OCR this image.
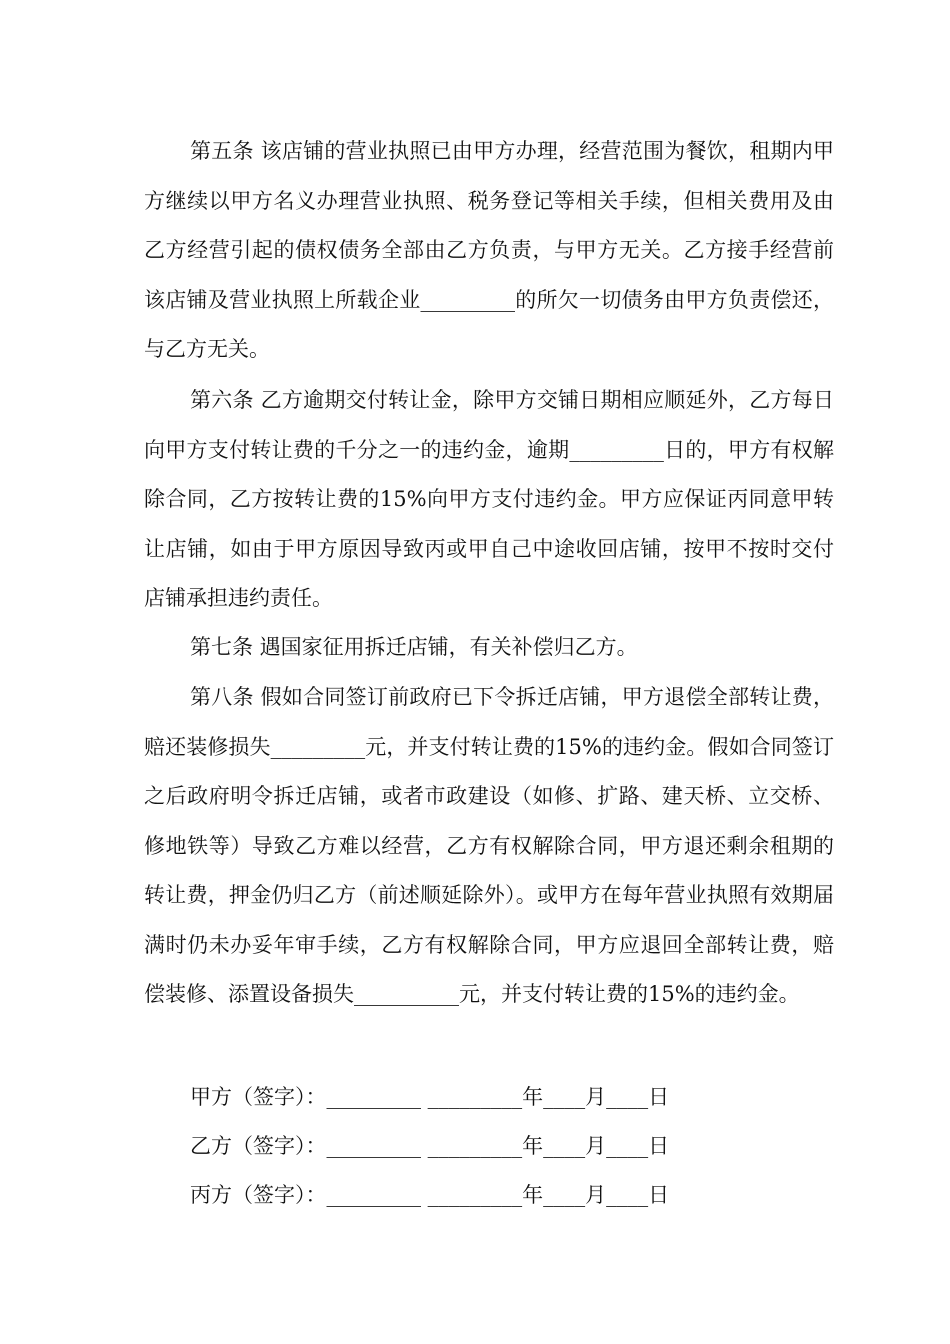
第五条 该店铺的营业执照已由甲方办理，经营范围为餐饮，租期内甲方继续以甲方名义办理营业执照、税务登记等相关手续，但相关费用及由乙方经营引起的债权债务全部由乙方负责，与甲方无关。乙方接手经营前该店铺及营业执照上所载企业_________的所欠一切债务由甲方负责偿还，与乙方无关。

第六条 乙方逾期交付转让金，除甲方交铺日期相应顺延外，乙方每日向甲方支付转让费的千分之一的违约金，逾期_________日的，甲方有权解除合同，乙方按转让费的15%向甲方支付违约金。甲方应保证丙同意甲转让店铺，如由于甲方原因导致丙或甲自己中途收回店铺，按甲不按时交付店铺承担违约责任。

第七条 遇国家征用拆迁店铺，有关补偿归乙方。

第八条 假如合同签订前政府已下令拆迁店铺，甲方退偿全部转让费，赔还装修损失_________元，并支付转让费的15%的违约金。假如合同签订之后政府明令拆迁店铺，或者市政建设（如修、扩路、建天桥、立交桥、修地铁等）导致乙方难以经营，乙方有权解除合同，甲方退还剩余租期的转让费，押金仍归乙方（前述顺延除外）。或甲方在每年营业执照有效期届满时仍未办妥年审手续，乙方有权解除合同，甲方应退回全部转让费，赔偿装修、添置设备损失__________元，并支付转让费的15%的违约金。

甲方（签字）：_________ _________年____月____日
乙方（签字）：_________ _________年____月____日
丙方（签字）：_________ _________年____月____日
